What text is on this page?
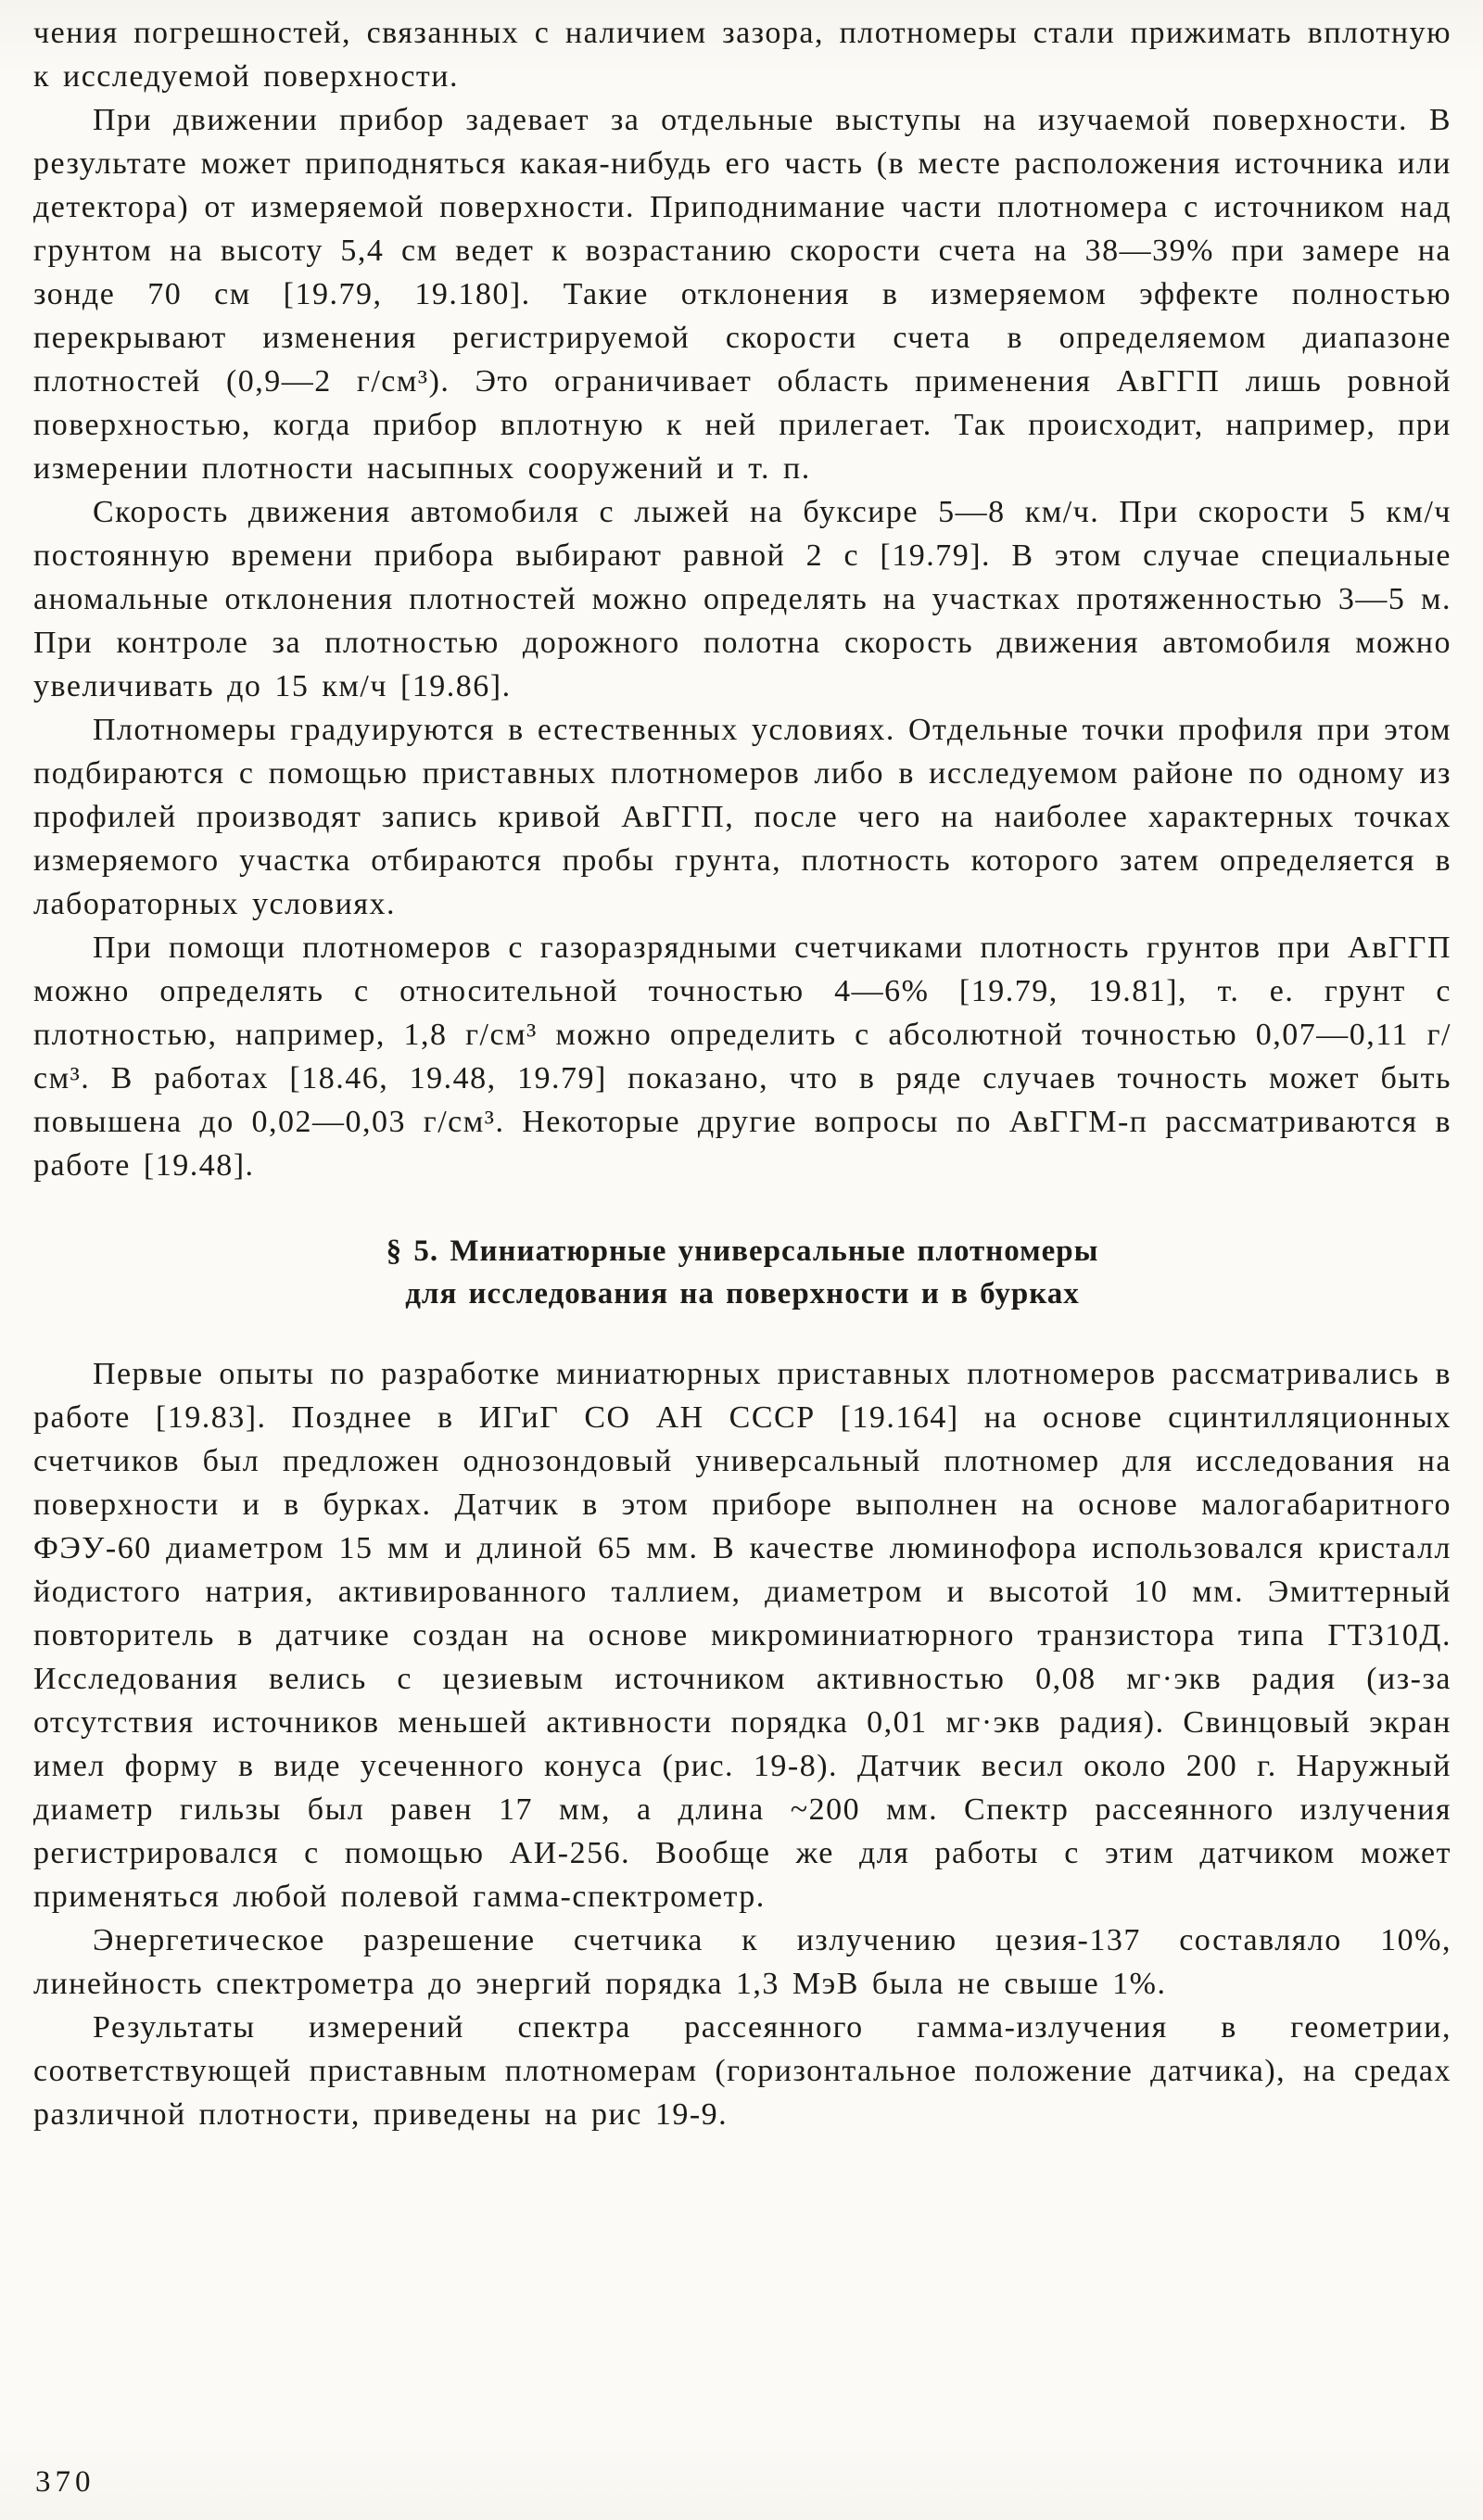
чения погрешностей, связанных с наличием зазора, плотномеры стали прижимать вплотную к исследуемой поверхности.

При движении прибор задевает за отдельные выступы на изучаемой поверхности. В результате может приподняться какая-нибудь его часть (в месте расположения источника или детектора) от измеряемой поверхности. Приподнимание части плотномера с источником над грунтом на высоту 5,4 см ведет к возрастанию скорости счета на 38—39% при замере на зонде 70 см [19.79, 19.180]. Такие отклонения в измеряемом эффекте полностью перекрывают изменения регистрируемой скорости счета в определяемом диапазоне плотностей (0,9—2 г/см³). Это ограничивает область применения АвГГП лишь ровной поверхностью, когда прибор вплотную к ней прилегает. Так происходит, например, при измерении плотности насыпных сооружений и т. п.

Скорость движения автомобиля с лыжей на буксире 5—8 км/ч. При скорости 5 км/ч постоянную времени прибора выбирают равной 2 с [19.79]. В этом случае специальные аномальные отклонения плотностей можно определять на участках протяженностью 3—5 м. При контроле за плотностью дорожного полотна скорость движения автомобиля можно увеличивать до 15 км/ч [19.86].

Плотномеры градуируются в естественных условиях. Отдельные точки профиля при этом подбираются с помощью приставных плотномеров либо в исследуемом районе по одному из профилей производят запись кривой АвГГП, после чего на наиболее характерных точках измеряемого участка отбираются пробы грунта, плотность которого затем определяется в лабораторных условиях.

При помощи плотномеров с газоразрядными счетчиками плотность грунтов при АвГГП можно определять с относительной точностью 4—6% [19.79, 19.81], т. е. грунт с плотностью, например, 1,8 г/см³ можно определить с абсолютной точностью 0,07—0,11 г/см³. В работах [18.46, 19.48, 19.79] показано, что в ряде случаев точность может быть повышена до 0,02—0,03 г/см³. Некоторые другие вопросы по АвГГМ-п рассматриваются в работе [19.48].

§ 5. Миниатюрные универсальные плотномеры
для исследования на поверхности и в бурках

Первые опыты по разработке миниатюрных приставных плотномеров рассматривались в работе [19.83]. Позднее в ИГиГ СО АН СССР [19.164] на основе сцинтилляционных счетчиков был предложен однозондовый универсальный плотномер для исследования на поверхности и в бурках. Датчик в этом приборе выполнен на основе малогабаритного ФЭУ-60 диаметром 15 мм и длиной 65 мм. В качестве люминофора использовался кристалл йодистого натрия, активированного таллием, диаметром и высотой 10 мм. Эмиттерный повторитель в датчике создан на основе микроминиатюрного транзистора типа ГТ310Д. Исследования велись с цезиевым источником активностью 0,08 мг·экв радия (из-за отсутствия источников меньшей активности порядка 0,01 мг·экв радия). Свинцовый экран имел форму в виде усеченного конуса (рис. 19-8). Датчик весил около 200 г. Наружный диаметр гильзы был равен 17 мм, а длина ~200 мм. Спектр рассеянного излучения регистрировался с помощью АИ-256. Вообще же для работы с этим датчиком может применяться любой полевой гамма-спектрометр.

Энергетическое разрешение счетчика к излучению цезия-137 составляло 10%, линейность спектрометра до энергий порядка 1,3 МэВ была не свыше 1%.

Результаты измерений спектра рассеянного гамма-излучения в геометрии, соответствующей приставным плотномерам (горизонтальное положение датчика), на средах различной плотности, приведены на рис 19-9.

370
